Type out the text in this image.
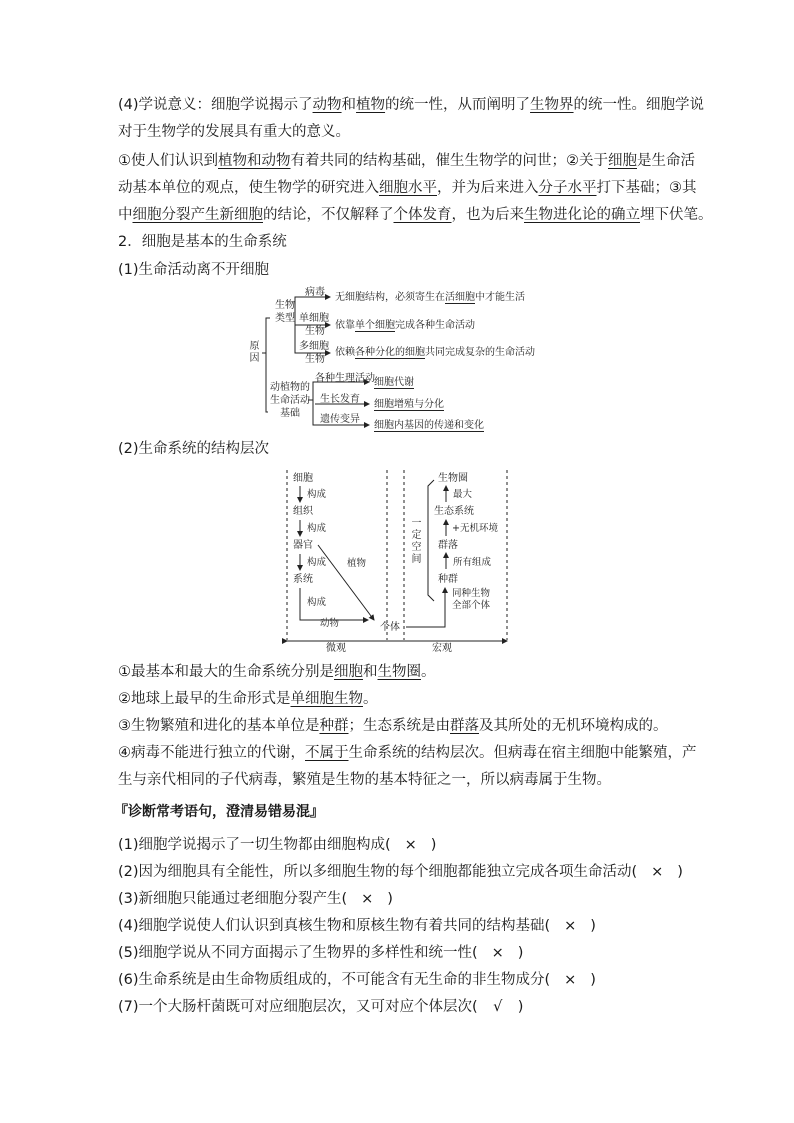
(4)学说意义：细胞学说揭示了动物和植物的统一性，从而阐明了生物界的统一性。细胞学说

对于生物学的发展具有重大的意义。

①使人们认识到植物和动物有着共同的结构基础，催生生物学的问世；②关于细胞是生命活

动基本单位的观点，使生物学的研究进入细胞水平，并为后来进入分子水平打下基础；③其

中细胞分裂产生新细胞的结论，不仅解释了个体发育，也为后来生物进化论的确立埋下伏笔。

2．细胞是基本的生命系统

(1)生命活动离不开细胞

原因
生物
类型
病毒 无细胞结构，必须寄生在活细胞中才能生活
单细胞
生物
依靠单个细胞完成各种生命活动
多细胞
生物
依赖各种分化的细胞共同完成复杂的生命活动
动植物的
生命活动
基础
各种生理活动 细胞代谢
生长发育 细胞增殖与分化
遗传变异
细胞内基因的传递和变化

(2)生命系统的结构层次

细胞
构成
组织
构成
器官
构成
系统
构成
植物
动物	个体
生物圈
最大
生态系统
+无机环境
群落
所有组成
种群
同种生物
全部个体
一定空间
微观	宏观

①最基本和最大的生命系统分别是细胞和生物圈。

②地球上最早的生命形式是单细胞生物。

③生物繁殖和进化的基本单位是种群；生态系统是由群落及其所处的无机环境构成的。

④病毒不能进行独立的代谢，不属于生命系统的结构层次。但病毒在宿主细胞中能繁殖，产

生与亲代相同的子代病毒，繁殖是生物的基本特征之一，所以病毒属于生物。

『诊断常考语句，澄清易错易混』

(1)细胞学说揭示了一切生物都由细胞构成( × )

(2)因为细胞具有全能性，所以多细胞生物的每个细胞都能独立完成各项生命活动( × )

(3)新细胞只能通过老细胞分裂产生( × )

(4)细胞学说使人们认识到真核生物和原核生物有着共同的结构基础( × )

(5)细胞学说从不同方面揭示了生物界的多样性和统一性( × )

(6)生命系统是由生命物质组成的，不可能含有无生命的非生物成分( × )

(7)一个大肠杆菌既可对应细胞层次，又可对应个体层次( √ )
